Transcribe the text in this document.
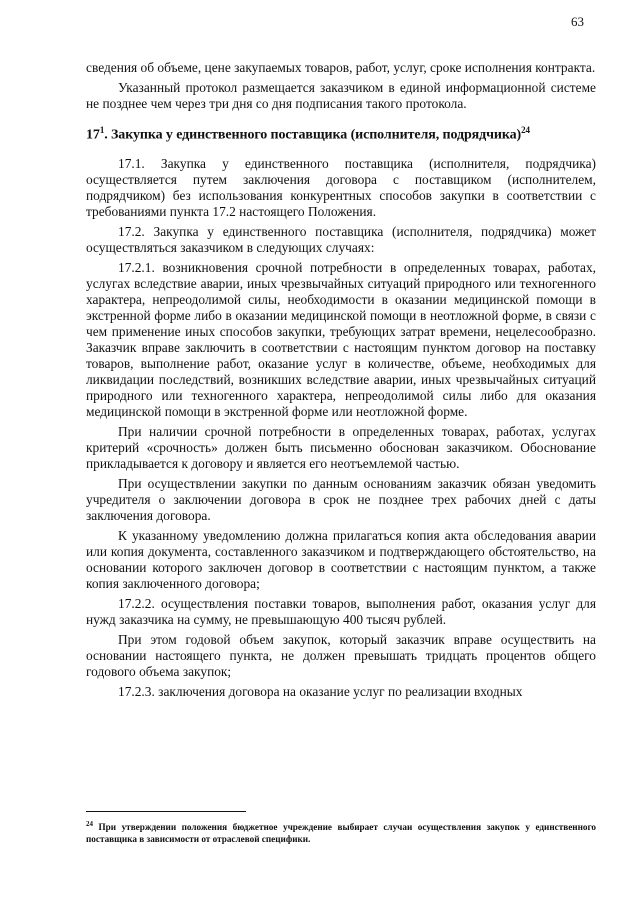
63

сведения об объеме, цене закупаемых товаров, работ, услуг, сроке исполнения контракта.

Указанный протокол размещается заказчиком в единой информационной системе не позднее чем через три дня со дня подписания такого протокола.

$17^1$. Закупка у единственного поставщика (исполнителя, подрядчика)$^{24}$

17.1. Закупка у единственного поставщика (исполнителя, подрядчика) осуществляется путем заключения договора с поставщиком (исполнителем, подрядчиком) без использования конкурентных способов закупки в соответствии с требованиями пункта 17.2 настоящего Положения.

17.2. Закупка у единственного поставщика (исполнителя, подрядчика) может осуществляться заказчиком в следующих случаях:

17.2.1. возникновения срочной потребности в определенных товарах, работах, услугах вследствие аварии, иных чрезвычайных ситуаций природного или техногенного характера, непреодолимой силы, необходимости в оказании медицинской помощи в экстренной форме либо в оказании медицинской помощи в неотложной форме, в связи с чем применение иных способов закупки, требующих затрат времени, нецелесообразно. Заказчик вправе заключить в соответствии с настоящим пунктом договор на поставку товаров, выполнение работ, оказание услуг в количестве, объеме, необходимых для ликвидации последствий, возникших вследствие аварии, иных чрезвычайных ситуаций природного или техногенного характера, непреодолимой силы либо для оказания медицинской помощи в экстренной форме или неотложной форме.

При наличии срочной потребности в определенных товарах, работах, услугах критерий «срочность» должен быть письменно обоснован заказчиком. Обоснование прикладывается к договору и является его неотъемлемой частью.

При осуществлении закупки по данным основаниям заказчик обязан уведомить учредителя о заключении договора в срок не позднее трех рабочих дней с даты заключения договора.

К указанному уведомлению должна прилагаться копия акта обследования аварии или копия документа, составленного заказчиком и подтверждающего обстоятельство, на основании которого заключен договор в соответствии с настоящим пунктом, а также копия заключенного договора;

17.2.2. осуществления поставки товаров, выполнения работ, оказания услуг для нужд заказчика на сумму, не превышающую 400 тысяч рублей.

При этом годовой объем закупок, который заказчик вправе осуществить на основании настоящего пункта, не должен превышать тридцать процентов общего годового объема закупок;

17.2.3. заключения договора на оказание услуг по реализации входных

$^{24}$ При утверждении положения бюджетное учреждение выбирает случаи осуществления закупок у единственного поставщика в зависимости от отраслевой специфики.
